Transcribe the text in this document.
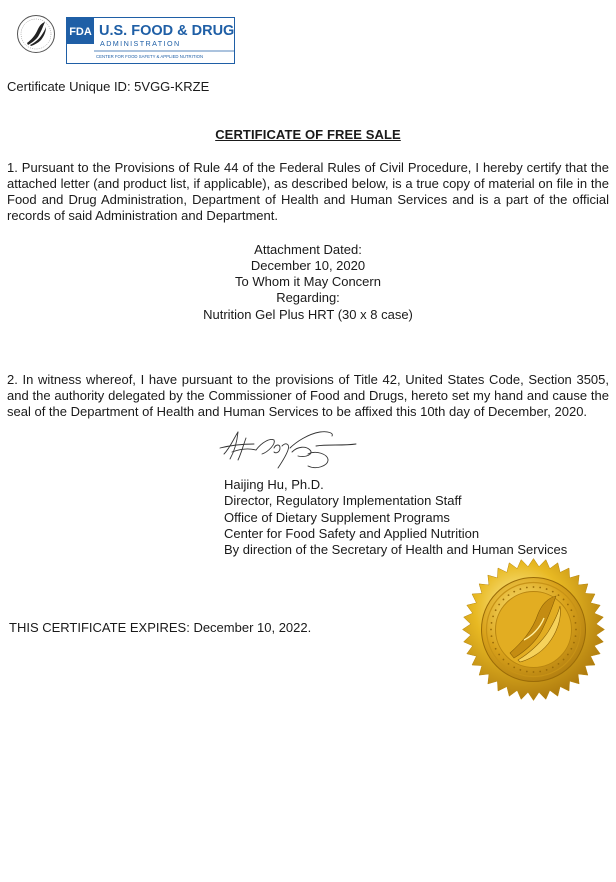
FDA U.S. FOOD & DRUG
ADMINISTRATION
CENTER FOR FOOD SAFETY & APPLIED NUTRITION
Certificate Unique ID: 5VGG-KRZE
CERTIFICATE OF FREE SALE
1. Pursuant to the Provisions of Rule 44 of the Federal Rules of Civil Procedure, I hereby certify that the
attached letter (and product list, if applicable), as described below, is a true copy of material on file in the
Food and Drug Administration, Department of Health and Human Services and is a part of the official
records of said Administration and Department.
Attachment Dated:
December 10, 2020
To Whom it May Concern
Regarding:
Nutrition Gel Plus HRT (30 x 8 case)
2. In witness whereof, I have pursuant to the provisions of Title 42, United States Code, Section 3505,
and the authority delegated by the Commissioner of Food and Drugs, hereto set my hand and cause the
seal of the Department of Health and Human Services to be affixed this 10th day of December, 2020.
Haijing Hu, Ph.D.
Director, Regulatory Implementation Staff
Office of Dietary Supplement Programs
Center for Food Safety and Applied Nutrition
By direction of the Secretary of Health and Human Services
THIS CERTIFICATE EXPIRES: December 10, 2022.
